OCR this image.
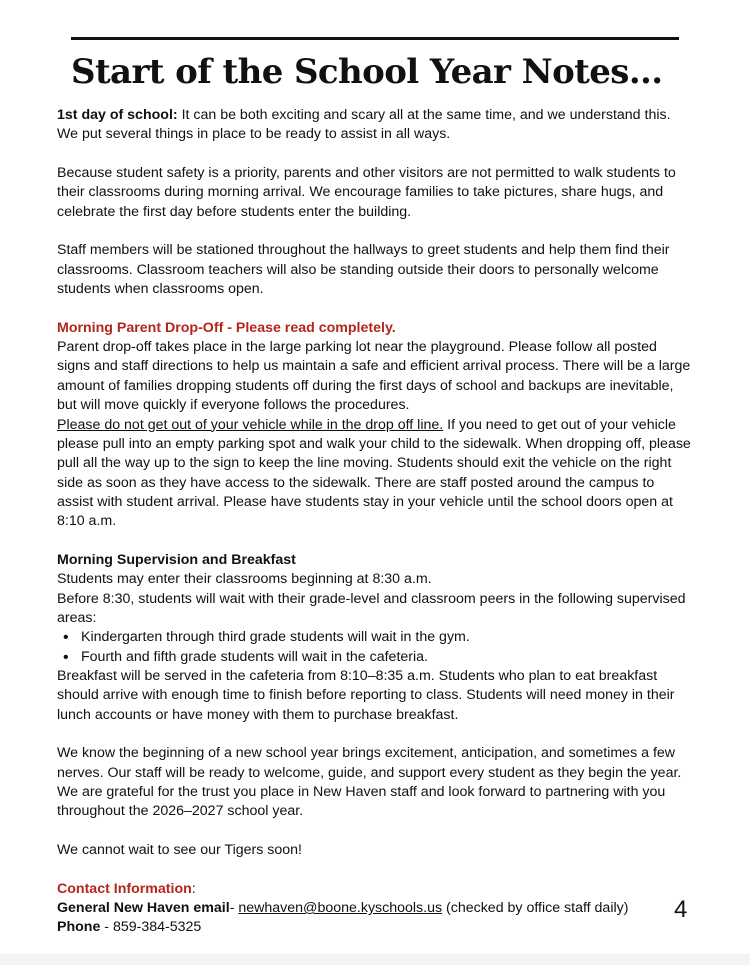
Start of the School Year Notes...

1st day of school: It can be both exciting and scary all at the same time, and we understand this. We put several things in place to be ready to assist in all ways.

Because student safety is a priority, parents and other visitors are not permitted to walk students to their classrooms during morning arrival. We encourage families to take pictures, share hugs, and celebrate the first day before students enter the building.

Staff members will be stationed throughout the hallways to greet students and help them find their classrooms. Classroom teachers will also be standing outside their doors to personally welcome students when classrooms open.

Morning Parent Drop-Off - Please read completely.

Parent drop-off takes place in the large parking lot near the playground. Please follow all posted signs and staff directions to help us maintain a safe and efficient arrival process. There will be a large amount of families dropping students off during the first days of school and backups are inevitable, but will move quickly if everyone follows the procedures.

Please do not get out of your vehicle while in the drop off line. If you need to get out of your vehicle please pull into an empty parking spot and walk your child to the sidewalk. When dropping off, please pull all the way up to the sign to keep the line moving. Students should exit the vehicle on the right side as soon as they have access to the sidewalk. There are staff posted around the campus to assist with student arrival. Please have students stay in your vehicle until the school doors open at 8:10 a.m.

Morning Supervision and Breakfast

Students may enter their classrooms beginning at 8:30 a.m.

Before 8:30, students will wait with their grade-level and classroom peers in the following supervised areas:

• Kindergarten through third grade students will wait in the gym.
• Fourth and fifth grade students will wait in the cafeteria.

Breakfast will be served in the cafeteria from 8:10–8:35 a.m. Students who plan to eat breakfast should arrive with enough time to finish before reporting to class. Students will need money in their lunch accounts or have money with them to purchase breakfast.

We know the beginning of a new school year brings excitement, anticipation, and sometimes a few nerves. Our staff will be ready to welcome, guide, and support every student as they begin the year. We are grateful for the trust you place in New Haven staff and look forward to partnering with you throughout the 2026–2027 school year.

We cannot wait to see our Tigers soon!

Contact Information:

General New Haven email- newhaven@boone.kyschools.us (checked by office staff daily)

Phone - 859-384-5325

4
